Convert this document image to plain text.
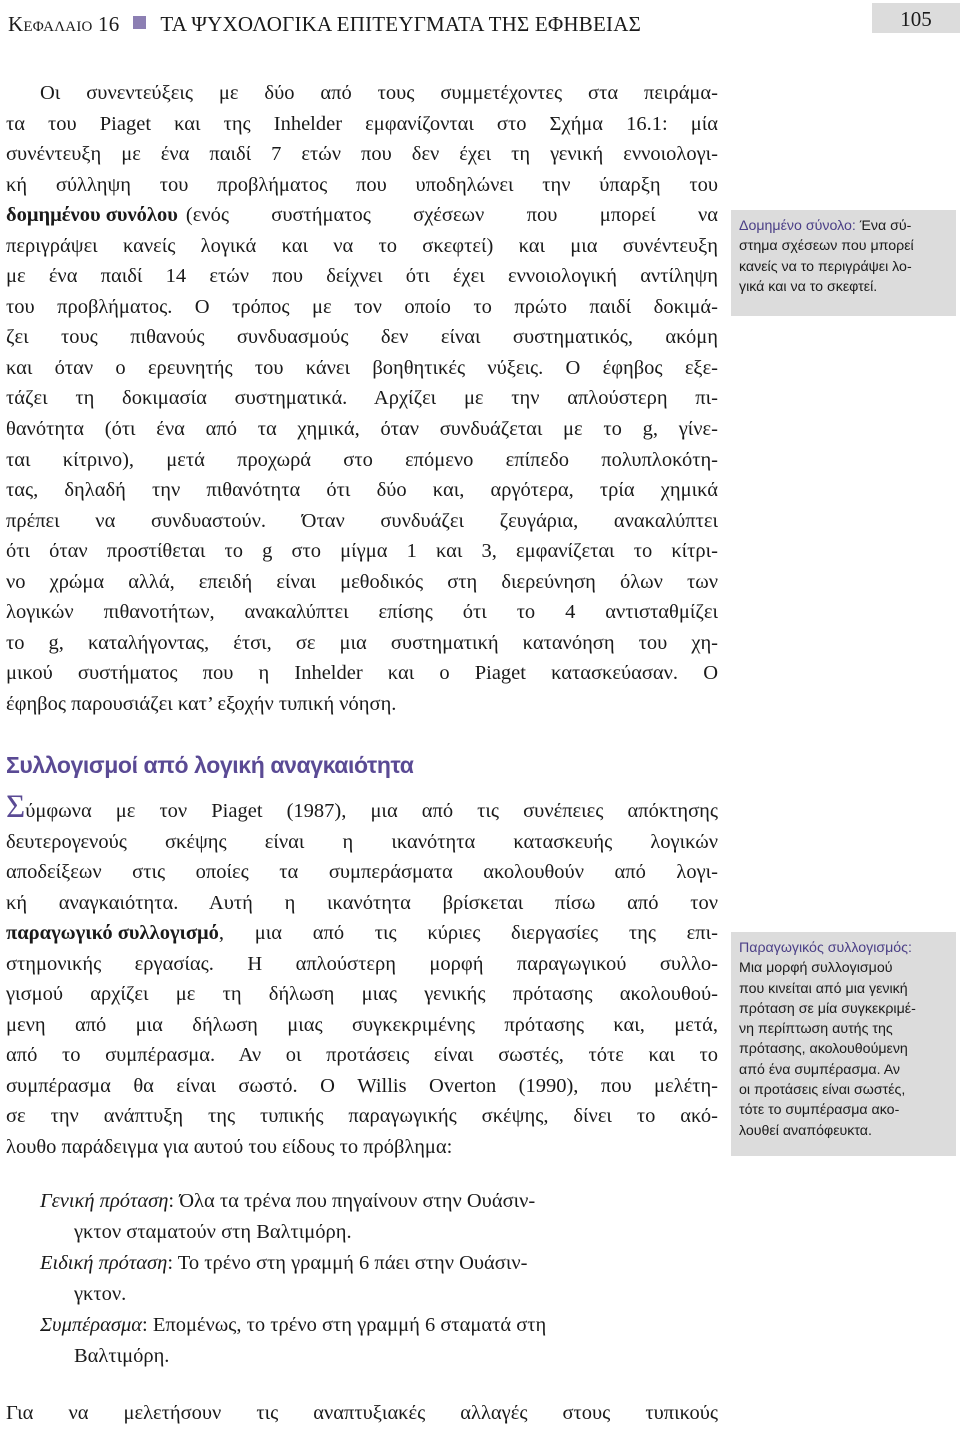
Κεφαλαιο 16 ΤΑ ΨΥΧΟΛΟΓΙΚΑ ΕΠΙΤΕΥΓΜΑΤΑ ΤΗΣ ΕΦΗΒΕΙΑΣ	105
Οι συνεντεύξεις με δύο από τους συμμετέχοντες στα πειράμα-
τα του Piaget και της Inhelder εμφανίζονται στο Σχήμα 16.1: μία
συνέντευξη με ένα παιδί 7 ετών που δεν έχει τη γενική εννοιολογι-
κή σύλληψη του προβλήματος που υποδηλώνει την ύπαρξη του
δομημένου συνόλου (ενός συστήματος σχέσεων που μπορεί να
περιγράψει κανείς λογικά και να το σκεφτεί) και μια συνέντευξη
με ένα παιδί 14 ετών που δείχνει ότι έχει εννοιολογική αντίληψη
του προβλήματος. Ο τρόπος με τον οποίο το πρώτο παιδί δοκιμά-
ζει τους πιθανούς συνδυασμούς δεν είναι συστηματικός, ακόμη
και όταν ο ερευνητής του κάνει βοηθητικές νύξεις. Ο έφηβος εξε-
τάζει τη δοκιμασία συστηματικά. Αρχίζει με την απλούστερη πι-
θανότητα (ότι ένα από τα χημικά, όταν συνδυάζεται με το g, γίνε-
ται κίτρινο), μετά προχωρά στο επόμενο επίπεδο πολυπλοκότη-
τας, δηλαδή την πιθανότητα ότι δύο και, αργότερα, τρία χημικά
πρέπει να συνδυαστούν. Όταν συνδυάζει ζευγάρια, ανακαλύπτει
ότι όταν προστίθεται το g στο μίγμα 1 και 3, εμφανίζεται το κίτρι-
νο χρώμα αλλά, επειδή είναι μεθοδικός στη διερεύνηση όλων των
λογικών πιθανοτήτων, ανακαλύπτει επίσης ότι το 4 αντισταθμίζει
το g, καταλήγοντας, έτσι, σε μια συστηματική κατανόηση του χη-
μικού συστήματος που η Inhelder και ο Piaget κατασκεύασαν. Ο
έφηβος παρουσιάζει κατ’ εξοχήν τυπική νόηση.
Δομημένο σύνολο: Ένα σύ-
στημα σχέσεων που μπορεί
κανείς να το περιγράψει λο-
γικά και να το σκεφτεί.
Συλλογισμοί από λογική αναγκαιότητα
Σύμφωνα με τον Piaget (1987), μια από τις συνέπειες απόκτησης
δευτερογενούς σκέψης είναι η ικανότητα κατασκευής λογικών
αποδείξεων στις οποίες τα συμπεράσματα ακολουθούν από λογι-
κή αναγκαιότητα. Αυτή η ικανότητα βρίσκεται πίσω από τον
παραγωγικό συλλογισμό , μια από τις κύριες διεργασίες της επι-
στημονικής εργασίας. Η απλούστερη μορφή παραγωγικού συλλο-
γισμού αρχίζει με τη δήλωση μιας γενικής πρότασης ακολουθού-
μενη από μια δήλωση μιας συγκεκριμένης πρότασης και, μετά,
από το συμπέρασμα. Αν οι προτάσεις είναι σωστές, τότε και το
συμπέρασμα θα είναι σωστό. Ο Willis Overton (1990), που μελέτη-
σε την ανάπτυξη της τυπικής παραγωγικής σκέψης, δίνει το ακό-
λουθο παράδειγμα για αυτού του είδους το πρόβλημα:
Παραγωγικός συλλογισμός:
Μια μορφή συλλογισμού
που κινείται από μια γενική
πρόταση σε μία συγκεκριμέ-
νη περίπτωση αυτής της
πρότασης, ακολουθούμενη
από ένα συμπέρασμα. Αν
οι προτάσεις είναι σωστές,
τότε το συμπέρασμα ακο-
λουθεί αναπόφευκτα.
Γενική πρόταση: Όλα τα τρένα που πηγαίνουν στην Ουάσιν-
γκτον σταματούν στη Βαλτιμόρη.
Ειδική πρόταση: Το τρένο στη γραμμή 6 πάει στην Ουάσιν-
γκτον.
Συμπέρασμα: Επομένως, το τρένο στη γραμμή 6 σταματά στη
Βαλτιμόρη.
Για να μελετήσουν τις αναπτυξιακές αλλαγές στους τυπικούς
